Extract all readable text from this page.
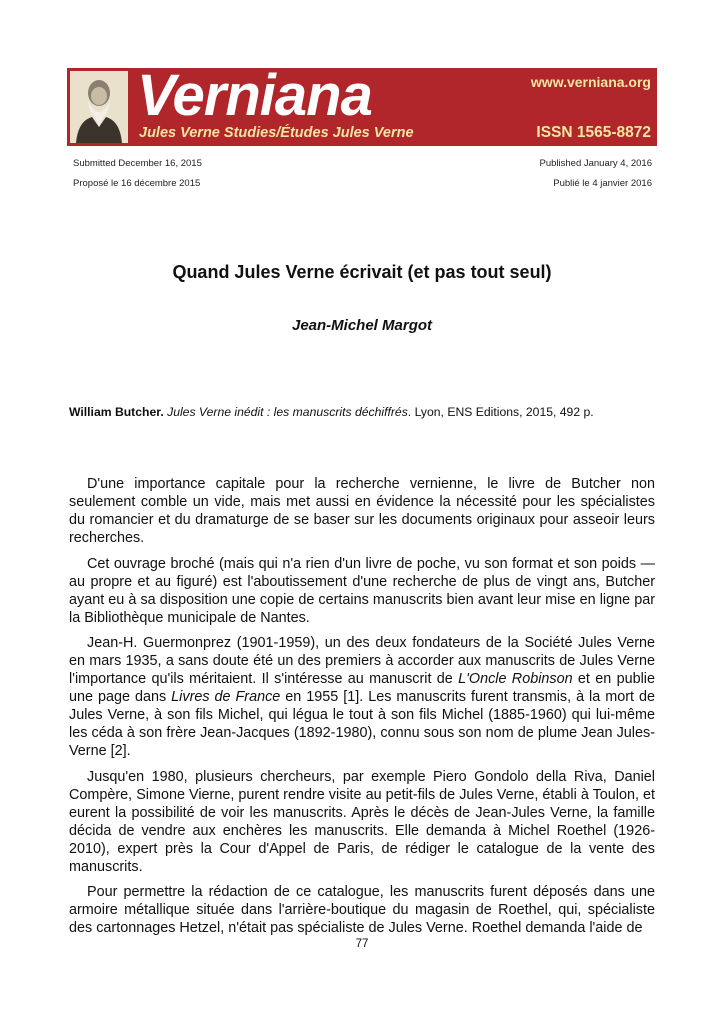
Verniana
Jules Verne Studies/Études Jules Verne
www.verniana.org
ISSN 1565-8872
Submitted December 16, 2015
Proposé le 16 décembre 2015
Published January 4, 2016
Publié le 4 janvier 2016
Quand Jules Verne écrivait (et pas tout seul)
Jean-Michel Margot
William Butcher. Jules Verne inédit : les manuscrits déchiffrés. Lyon, ENS Editions, 2015, 492 p.

D'une importance capitale pour la recherche vernienne, le livre de Butcher non seulement comble un vide, mais met aussi en évidence la nécessité pour les spécialistes du romancier et du dramaturge de se baser sur les documents originaux pour asseoir leurs recherches.

Cet ouvrage broché (mais qui n'a rien d'un livre de poche, vu son format et son poids — au propre et au figuré) est l'aboutissement d'une recherche de plus de vingt ans, Butcher ayant eu à sa disposition une copie de certains manuscrits bien avant leur mise en ligne par la Bibliothèque municipale de Nantes.

Jean-H. Guermonprez (1901-1959), un des deux fondateurs de la Société Jules Verne en mars 1935, a sans doute été un des premiers à accorder aux manuscrits de Jules Verne l'importance qu'ils méritaient. Il s'intéresse au manuscrit de L'Oncle Robinson et en publie une page dans Livres de France en 1955 [1]. Les manuscrits furent transmis, à la mort de Jules Verne, à son fils Michel, qui légua le tout à son fils Michel (1885-1960) qui lui-même les céda à son frère Jean-Jacques (1892-1980), connu sous son nom de plume Jean Jules-Verne [2].

Jusqu'en 1980, plusieurs chercheurs, par exemple Piero Gondolo della Riva, Daniel Compère, Simone Vierne, purent rendre visite au petit-fils de Jules Verne, établi à Toulon, et eurent la possibilité de voir les manuscrits. Après le décès de Jean-Jules Verne, la famille décida de vendre aux enchères les manuscrits. Elle demanda à Michel Roethel (1926-2010), expert près la Cour d'Appel de Paris, de rédiger le catalogue de la vente des manuscrits.

Pour permettre la rédaction de ce catalogue, les manuscrits furent déposés dans une armoire métallique située dans l'arrière-boutique du magasin de Roethel, qui, spécialiste des cartonnages Hetzel, n'était pas spécialiste de Jules Verne. Roethel demanda l'aide de

77
